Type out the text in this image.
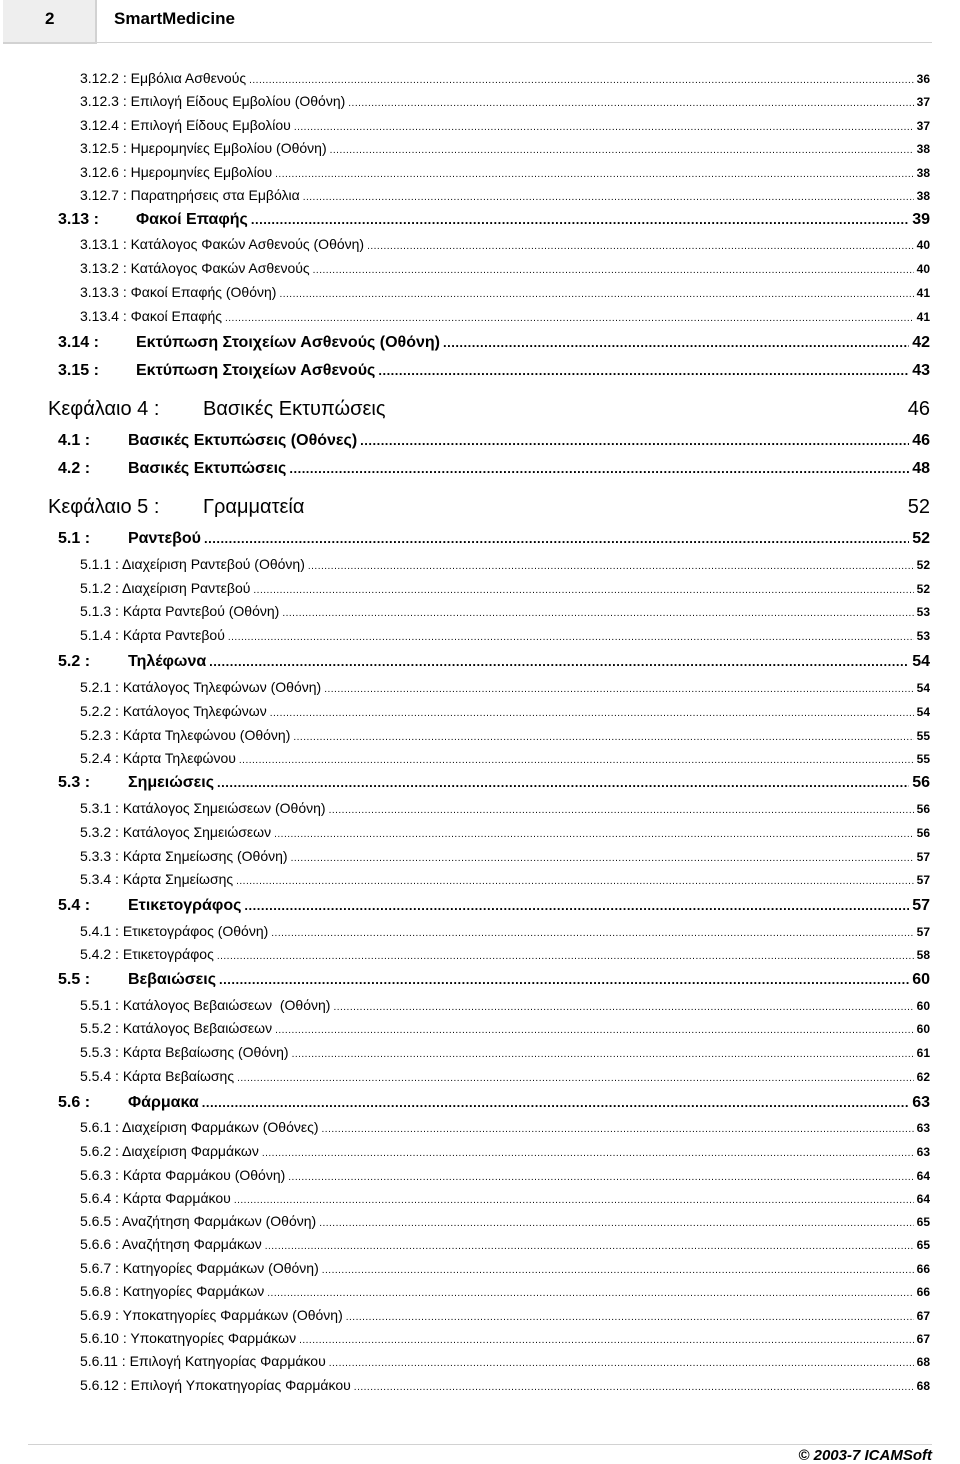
2	SmartMedicine
3.12.2 : Εμβόλια Ασθενούς .....	36
3.12.3 : Επιλογή Είδους Εμβολίου (Οθόνη) .....	37
3.12.4 : Επιλογή Είδους Εμβολίου .....	37
3.12.5 : Ημερομηνίες Εμβολίου (Οθόνη) .....	38
3.12.6 : Ημερομηνίες Εμβολίου .....	38
3.12.7 : Παρατηρήσεις στα Εμβόλια .....	38
3.13 : Φακοί Επαφής .....	39
3.13.1 : Κατάλογος Φακών Ασθενούς (Οθόνη) .....	40
3.13.2 : Κατάλογος Φακών Ασθενούς .....	40
3.13.3 : Φακοί Επαφής (Οθόνη) .....	41
3.13.4 : Φακοί Επαφής .....	41
3.14 : Εκτύπωση Στοιχείων Ασθενούς (Οθόνη) .....	42
3.15 : Εκτύπωση Στοιχείων Ασθενούς .....	43
Κεφάλαιο 4 : Βασικές Εκτυπώσεις	46
4.1 : Βασικές Εκτυπώσεις (Οθόνες) .....	46
4.2 : Βασικές Εκτυπώσεις .....	48
Κεφάλαιο 5 : Γραμματεία	52
5.1 : Ραντεβού .....	52
5.1.1 : Διαχείριση Ραντεβού (Οθόνη) .....	52
5.1.2 : Διαχείριση Ραντεβού .....	52
5.1.3 : Κάρτα Ραντεβού (Οθόνη) .....	53
5.1.4 : Κάρτα Ραντεβού .....	53
5.2 : Τηλέφωνα .....	54
5.2.1 : Κατάλογος Τηλεφώνων (Οθόνη) .....	54
5.2.2 : Κατάλογος Τηλεφώνων .....	54
5.2.3 : Κάρτα Τηλεφώνου (Οθόνη) .....	55
5.2.4 : Κάρτα Τηλεφώνου .....	55
5.3 : Σημειώσεις .....	56
5.3.1 : Κατάλογος Σημειώσεων (Οθόνη) .....	56
5.3.2 : Κατάλογος Σημειώσεων .....	56
5.3.3 : Κάρτα Σημείωσης (Οθόνη) .....	57
5.3.4 : Κάρτα Σημείωσης .....	57
5.4 : Ετικετογράφος .....	57
5.4.1 : Ετικετογράφος (Οθόνη) .....	57
5.4.2 : Ετικετογράφος .....	58
5.5 : Βεβαιώσεις .....	60
5.5.1 : Κατάλογος Βεβαιώσεων  (Οθόνη) .....	60
5.5.2 : Κατάλογος Βεβαιώσεων .....	60
5.5.3 : Κάρτα Βεβαίωσης (Οθόνη) .....	61
5.5.4 : Κάρτα Βεβαίωσης .....	62
5.6 : Φάρμακα .....	63
5.6.1 : Διαχείριση Φαρμάκων (Οθόνες) .....	63
5.6.2 : Διαχείριση Φαρμάκων .....	63
5.6.3 : Κάρτα Φαρμάκου (Οθόνη) .....	64
5.6.4 : Κάρτα Φαρμάκου .....	64
5.6.5 : Αναζήτηση Φαρμάκων (Οθόνη) .....	65
5.6.6 : Αναζήτηση Φαρμάκων .....	65
5.6.7 : Κατηγορίες Φαρμάκων (Οθόνη) .....	66
5.6.8 : Κατηγορίες Φαρμάκων .....	66
5.6.9 : Υποκατηγορίες Φαρμάκων (Οθόνη) .....	67
5.6.10 : Υποκατηγορίες Φαρμάκων .....	67
5.6.11 : Επιλογή Κατηγορίας Φαρμάκου .....	68
5.6.12 : Επιλογή Υποκατηγορίας Φαρμάκου .....	68
© 2003-7 ICAMSoft
